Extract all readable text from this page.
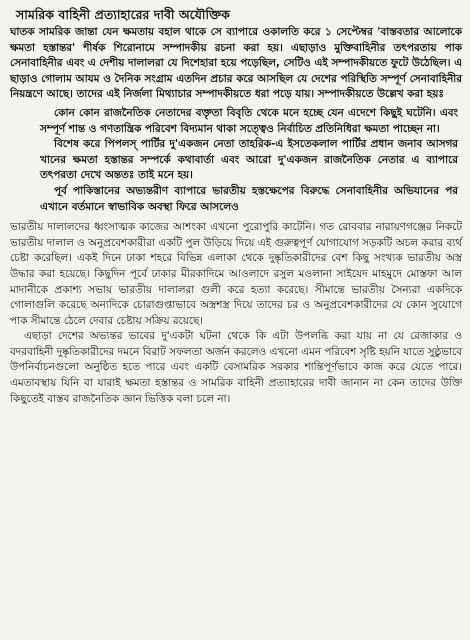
সামরিক বাহিনী প্রত্যাহারের দাবী অযৌক্তিক

ঘাতক সামরিক জান্তা যেন ক্ষমতায় বহাল থাকে সে ব্যাপারে ওকালতি করে ১ সেপ্টেম্বর 'বাস্তবতার আলোকে ক্ষমতা হস্তান্তর' শীর্ষক শিরোনামে সম্পাদকীয় রচনা করা হয়। এছাড়াও মুক্তিবাহিনীর তৎপরতায় পাক সেনাবাহিনীর এবং এ দেশীয় দালালরা যে দিশেহারা হয়ে পড়েছিল, সেটিও এই সম্পাদকীয়তে ফুটে উঠেছিল। এ ছাড়াও গোলাম আযম ও দৈনিক সংগ্রাম এতদিন প্রচার করে আসছিল যে দেশের পরিস্থিতি সম্পূর্ণ সেনাবাহিনীর নিয়ন্ত্রণে আছে। তাদের এই নির্জলা মিথ্যাচার সম্পাদকীয়তে ধরা পড়ে যায়। সম্পাদকীয়তে উল্লেখ করা হয়ঃ

কোন কোন রাজনৈতিক নেতাদের বক্তৃতা বিবৃতি থেকে মনে হচ্ছে যেন এদেশে কিছুই ঘটেনি। এবং সম্পূর্ণ শান্ত ও গণতান্ত্রিক পরিবেশ বিদ্যমান থাকা সত্ত্বেও নির্বাচিত প্রতিনিধিরা ক্ষমতা পাচ্ছেন না।

বিশেষ করে পিপলস্ পার্টির দু'একজন নেতা তাহরিক-এ ইসতেকলাল পার্টির প্রধান জনাব আসগর খানের ক্ষমতা হস্তান্তর সম্পর্কে কথাবার্তা এবং আরো দু'একজন রাজনৈতিক নেতার এ ব্যাপারে তৎপরতা দেখে অন্ততঃ তাই মনে হয়।

পূর্ব পাকিস্তানের অভ্যন্তরীণ ব্যাপারে ভারতীয় হস্তক্ষেপের বিরুদ্ধে সেনাবাহিনীর অভিযানের পর এখানে বর্তমানে স্বাভাবিক অবস্থা ফিরে আসলেও

ভারতীয় দালালদের ধ্বংসাত্মক কাজের আশংকা এখনো পুরোপুরি কাটেনি। গত রোববার নারায়ণগঞ্জের নিকটে ভারতীয় দালাল ও অনুপ্রবেশকারীরা একটি পুল উড়িয়ে দিয়ে এই গুরুত্বপূর্ণ যোগাযোগ সড়কটি অচল করার ব্যর্থ চেষ্টা করেছিল। একই দিনে ঢাকা শহরে বিভিন্ন এলাকা থেকে দুষ্কৃতিকারীদের বেশ কিছু সংখ্যক ভারতীয় অস্ত্র উদ্ধার করা হয়েছে। কিছুদিন পূর্বে ঢাকার মীরকাদিমে আওলাদে রসুল মওলানা সাইয়েদ মাহমুদে মোস্তফা আল মাদানীকে প্রকাশ্য সভায় ভারতীয় দালালরা গুলী করে হত্যা করেছে। সীমান্তে ভারতীয় সৈন্যরা একদিকে গোলাগুলি করেছে অন্যদিকে চোরাগুপ্তাভাবে অস্ত্রশস্ত্র দিয়ে তাদের চর ও অনুপ্রবেশকারীদের যে কোন সুযোগে পাক সীমান্তে ঠেলে দেবার চেষ্টায় সক্রিয় রয়েছে।

এছাড়া দেশের অভ্যন্তর ভাবের দু'একটা ঘটনা থেকে কি এটা উপলব্ধি করা যায় না যে রেজাকার ও বদরবাহিনী দুষ্কৃতিকারীদের দমনে বিরাট সফলতা অর্জন করলেও এখনো এমন পরিবেশ সৃষ্টি হয়নি যাতে সুষ্ঠুভাবে উপনির্বাচনগুলো অনুষ্ঠিত হতে পারে এবং একটি বেসামরিক সরকার শান্তিপূর্ণভাবে কাজ করে যেতে পারে। এমতাবস্থায় যিনি বা যারাই ক্ষমতা হস্তান্তর ও সামরিক বাহিনী প্রত্যাহারের দাবী জানান না কেন তাদের উক্তি কিছুতেই বাস্তব রাজনৈতিক জ্ঞান ভিত্তিক বলা চলে না।
